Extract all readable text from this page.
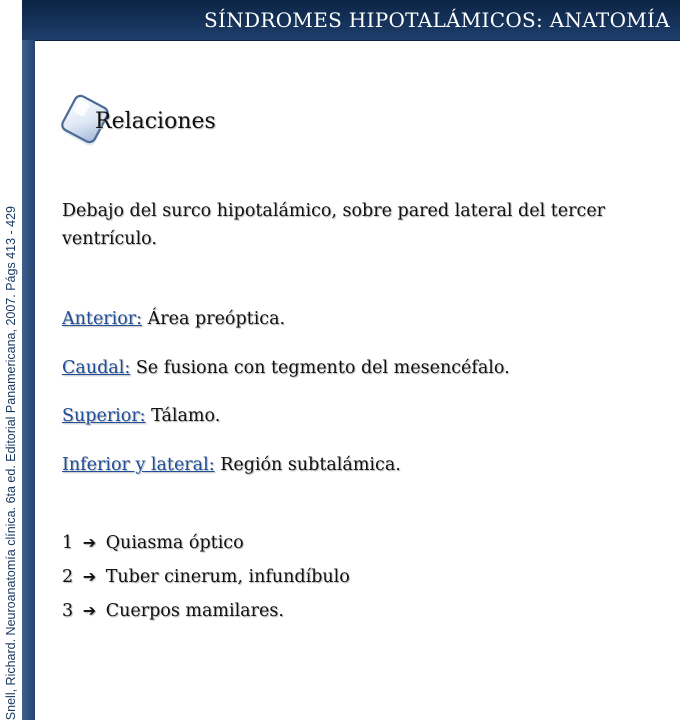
Snell, Richard. Neuroanatomía clínica. 6ta ed. Editorial Panamericana, 2007. Págs 413 - 429
SÍNDROMES HIPOTALÁMICOS: ANATOMÍA
Relaciones
Debajo del surco hipotalámico, sobre pared lateral del tercer ventrículo.
Anterior: Área preóptica.
Caudal: Se fusiona con tegmento del mesencéfalo.
Superior: Tálamo.
Inferior y lateral: Región subtalámica.
1 ➔ Quiasma óptico
2 ➔ Tuber cinerum, infundíbulo
3 ➔ Cuerpos mamilares.
